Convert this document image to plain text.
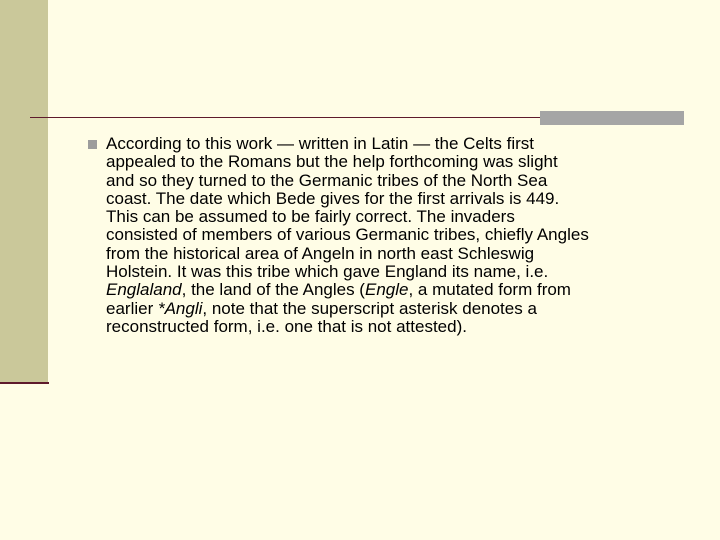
According to this work — written in Latin — the Celts first
appealed to the Romans but the help forthcoming was slight
and so they turned to the Germanic tribes of the North Sea
coast. The date which Bede gives for the first arrivals is 449.
This can be assumed to be fairly correct. The invaders
consisted of members of various Germanic tribes, chiefly Angles
from the historical area of Angeln in north east Schleswig
Holstein. It was this tribe which gave England its name, i.e.
Englaland, the land of the Angles (Engle, a mutated form from
earlier *Angli, note that the superscript asterisk denotes a
reconstructed form, i.e. one that is not attested).
